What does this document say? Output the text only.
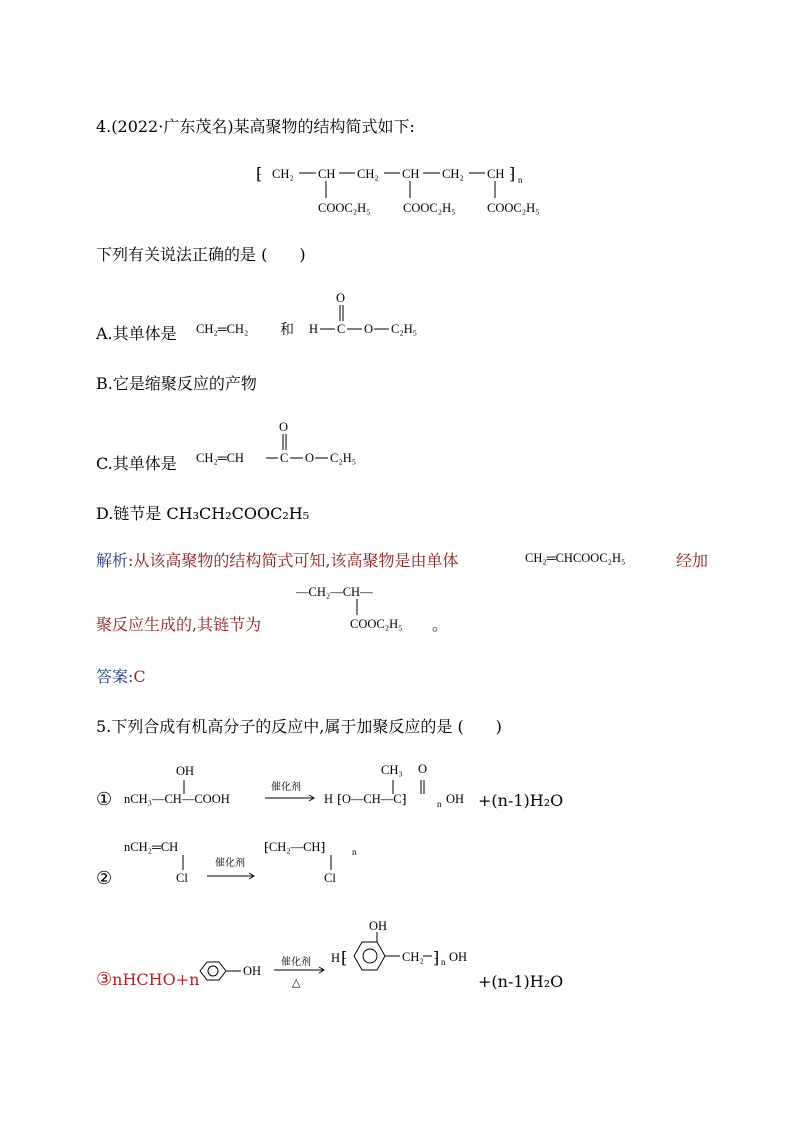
4.(2022·广东茂名)某高聚物的结构简式如下:
⁅ CH₂ CH CH₂ CH CH₂ CH ⁆ n
COOC₂H₅	COOC₂H₅	COOC₂H₅
下列有关说法正确的是 (　　)
A.其单体是 CH₂═CH₂ 和 H C
O
O C₂H₅
B.它是缩聚反应的产物
C.其单体是 CH₂═CH	C
O
O C₂H₅
D.链节是 CH₃CH₂COOC₂H₅
解析:从该高聚物的结构简式可知,该高聚物是由单体	CH₂═CHCOOC₂H₅	经加
聚反应生成的,其链节为
—CH₂—CH—
COOC₂H₅ 。
答案:C
5.下列合成有机高分子的反应中,属于加聚反应的是 (　　)
① nCH₃—CH—COOH
OH
催化剂
H ⁅O—CH—C⁆
CH₃ O
n OH +(n-1)H₂O
②
nCH₂═CH
Cl
催化剂
⁅CH₂—CH⁆	n
Cl
③nHCHO+n	OH
催化剂
△
H ⁅
OH
CH₂ ⁆ n OH
+(n-1)H₂O
